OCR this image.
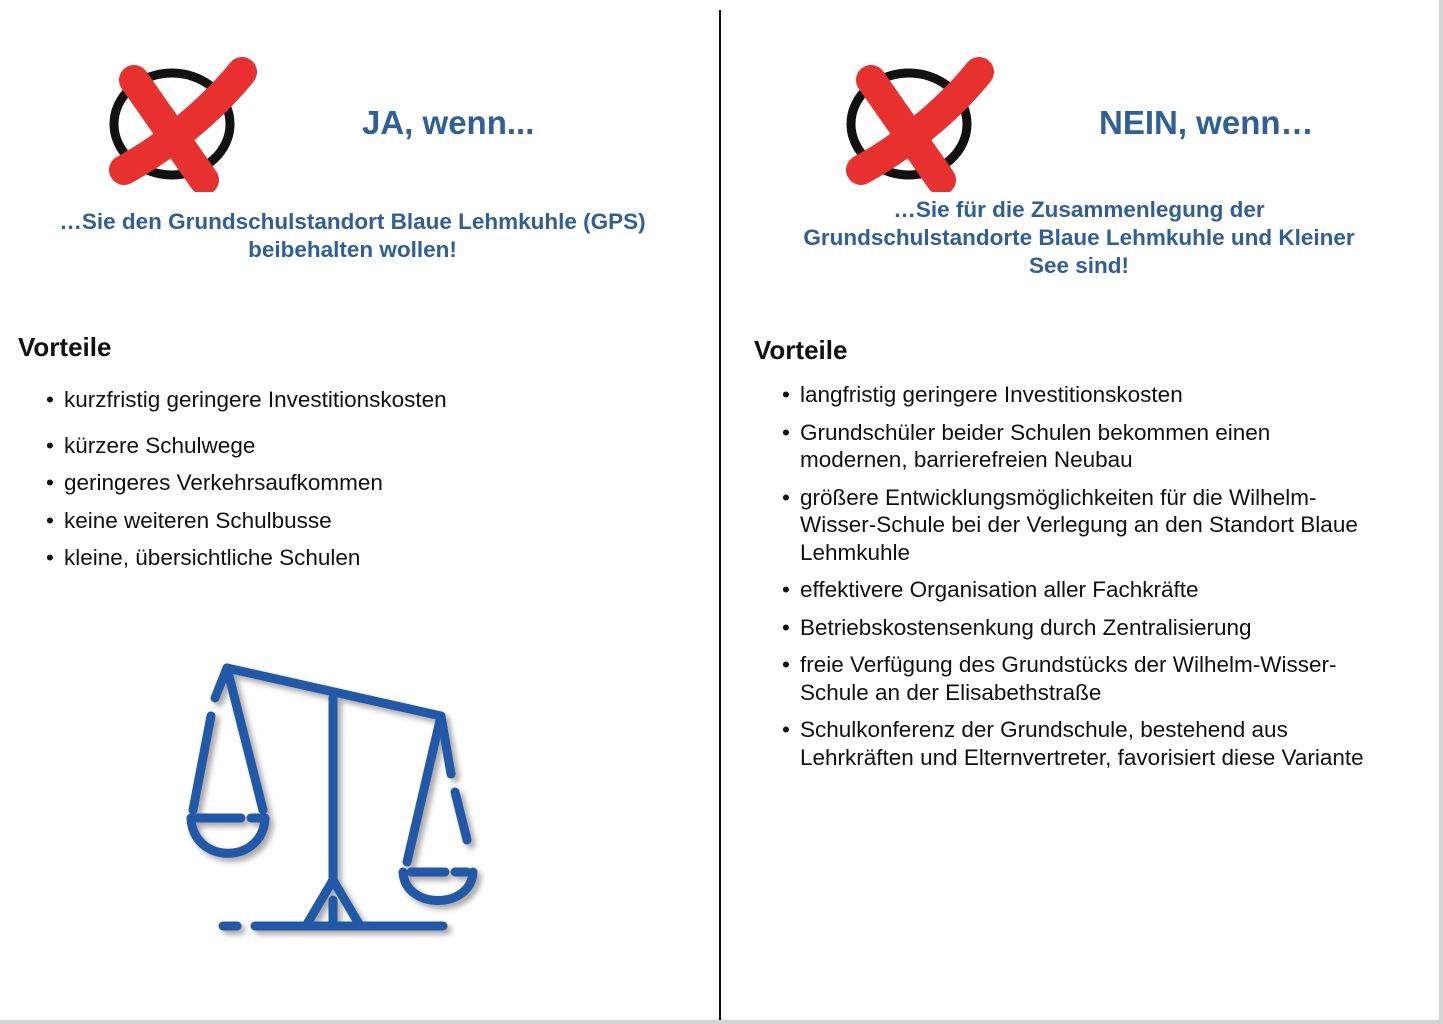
JA, wenn...
…Sie den Grundschulstandort Blaue Lehmkuhle (GPS)
beibehalten wollen!
Vorteile
• kurzfristig geringere Investitionskosten
• kürzere Schulwege
• geringeres Verkehrsaufkommen
• keine weiteren Schulbusse
• kleine, übersichtliche Schulen
NEIN, wenn…
…Sie für die Zusammenlegung der
Grundschulstandorte Blaue Lehmkuhle und Kleiner
See sind!
Vorteile
• langfristig geringere Investitionskosten
• Grundschüler beider Schulen bekommen einen
modernen, barrierefreien Neubau
• größere Entwicklungsmöglichkeiten für die Wilhelm-
Wisser-Schule bei der Verlegung an den Standort Blaue
Lehmkuhle
• effektivere Organisation aller Fachkräfte
• Betriebskostensenkung durch Zentralisierung
• freie Verfügung des Grundstücks der Wilhelm-Wisser-
Schule an der Elisabethstraße
• Schulkonferenz der Grundschule, bestehend aus
Lehrkräften und Elternvertreter, favorisiert diese Variante
